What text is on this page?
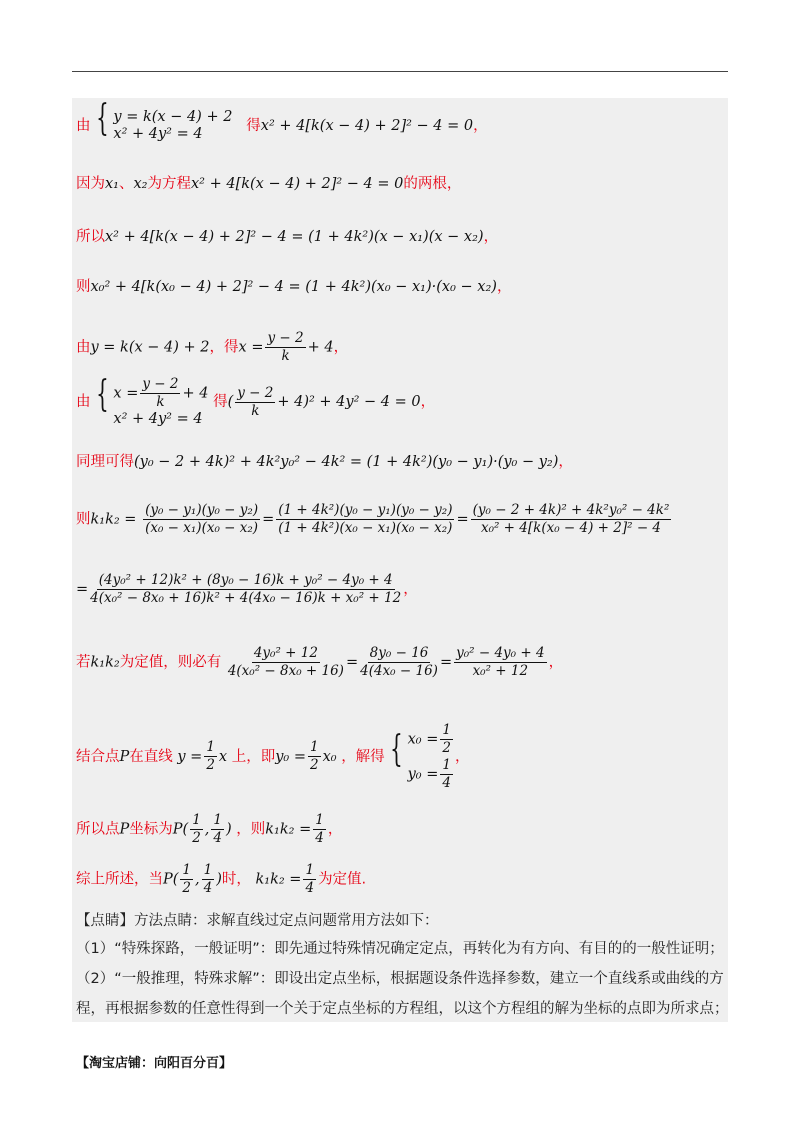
由 { y = k(x − 4) + 2
x² + 4y² = 4	得x² + 4[k(x − 4) + 2]² − 4 = 0，
因为x₁、x₂为方程x² + 4[k(x − 4) + 2]² − 4 = 0的两根，
所以x² + 4[k(x − 4) + 2]² − 4 = (1 + 4k²)(x − x₁)(x − x₂)，
则x₀² + 4[k(x₀ − 4) + 2]² − 4 = (1 + 4k²)(x₀ − x₁)·(x₀ − x₂)，
由y = k(x − 4) + 2，得$x = \frac{y - 2}{k} + 4$，
由 { $x = \frac{y - 2}{k} + 4$
x² + 4y² = 4
得( $\frac{y - 2}{k} + 4)^2 + 4y^2 - 4 = 0$，
同理可得(y₀ − 2 + 4k)² + 4k²y₀² − 4k² = (1 + 4k²)(y₀ − y₁)·(y₀ − y₂)，
则$k_1k_2 = \frac{\text{(y₀ − y₁)(y₀ − y₂)}}{\text{(x₀ − x₁)(x₀ − x₂)}} = \frac{\text{(1 + 4k²)(y₀ − y₁)(y₀ − y₂)}}{\text{(1 + 4k²)(x₀ − x₁)(x₀ − x₂)}} = \frac{\text{(y₀ − 2 + 4k)² + 4k²y₀² − 4k²}}{\text{x₀² + 4[k(x₀ − 4) + 2]² − 4}}$
= $\frac{\text{(4y₀² + 12)k² + (8y₀ − 16)k + y₀² − 4y₀ + 4}}{\text{4(x₀² − 8x₀ + 16)k² + 4(4x₀ − 16)k + x₀² + 12}}$ ，
若k₁k₂为定值，则必有 $\frac{\text{4y₀² + 12}}{\text{4(x₀² − 8x₀ + 16)}} = \frac{\text{8y₀ − 16}}{\text{4(4x₀ − 16)}} = \frac{\text{y₀² − 4y₀ + 4}}{\text{x₀² + 12}}$ ，
结合点P在直线 $y = \frac{1}{2}$ x 上，即$y_0 = \frac{1}{2} x_0$ ，解得 { $x_0 = \frac{1}{2}$
$y_0 = \frac{1}{4}$ ，
所以点P坐标为$P( \frac{1}{2}$ , $\frac{1}{4}$ ) ，则$k_1k_2 = \frac{1}{4}$ ，
综上所述，当$P( \frac{1}{2}$ , $\frac{1}{4}$ )时， $k_1k_2 = \frac{1}{4}$ 为定值.
【点睛】方法点睛：求解直线过定点问题常用方法如下：
（1）“特殊探路，一般证明”：即先通过特殊情况确定定点，再转化为有方向、有目的的一般性证明；
（2）“一般推理，特殊求解”：即设出定点坐标，根据题设条件选择参数，建立一个直线系或曲线的方
程，再根据参数的任意性得到一个关于定点坐标的方程组，以这个方程组的解为坐标的点即为所求点；
【淘宝店铺：向阳百分百】
